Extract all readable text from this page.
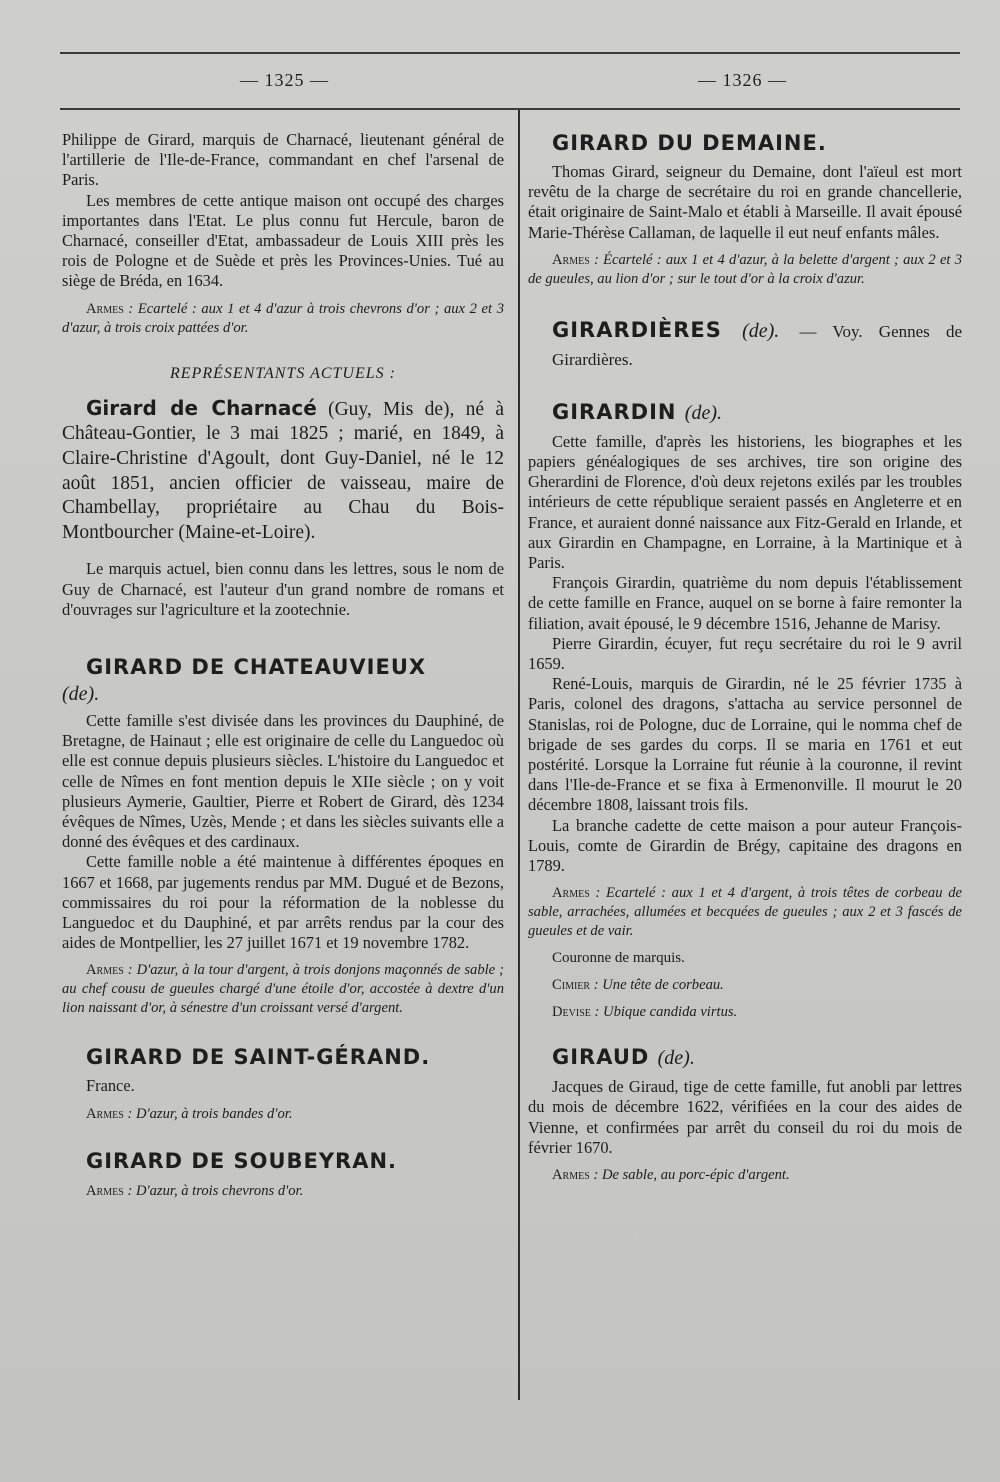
— 1325 —	— 1326 —

Philippe de Girard, marquis de Charnacé, lieutenant général de l'artillerie de l'Ile-de-France, commandant en chef l'arsenal de Paris.

Les membres de cette antique maison ont occupé des charges importantes dans l'Etat. Le plus connu fut Hercule, baron de Charnacé, conseiller d'Etat, ambassadeur de Louis XIII près les rois de Pologne et de Suède et près les Provinces-Unies. Tué au siège de Bréda, en 1634.

Armes : Ecartelé : aux 1 et 4 d'azur à trois chevrons d'or ; aux 2 et 3 d'azur, à trois croix pattées d'or.

REPRÉSENTANTS ACTUELS :

Girard de Charnacé (Guy, Mis de), né à Château-Gontier, le 3 mai 1825 ; marié, en 1849, à Claire-Christine d'Agoult, dont Guy-Daniel, né le 12 août 1851, ancien officier de vaisseau, maire de Chambellay, propriétaire au Chau du Bois-Montbourcher (Maine-et-Loire).

Le marquis actuel, bien connu dans les lettres, sous le nom de Guy de Charnacé, est l'auteur d'un grand nombre de romans et d'ouvrages sur l'agriculture et la zootechnie.

GIRARD DE CHATEAUVIEUX

(de).

Cette famille s'est divisée dans les provinces du Dauphiné, de Bretagne, de Hainaut ; elle est originaire de celle du Languedoc où elle est connue depuis plusieurs siècles. L'histoire du Languedoc et celle de Nîmes en font mention depuis le XIIe siècle ; on y voit plusieurs Aymerie, Gaultier, Pierre et Robert de Girard, dès 1234 évêques de Nîmes, Uzès, Mende ; et dans les siècles suivants elle a donné des évêques et des cardinaux.

Cette famille noble a été maintenue à différentes époques en 1667 et 1668, par jugements rendus par MM. Dugué et de Bezons, commissaires du roi pour la réformation de la noblesse du Languedoc et du Dauphiné, et par arrêts rendus par la cour des aides de Montpellier, les 27 juillet 1671 et 19 novembre 1782.

Armes : D'azur, à la tour d'argent, à trois donjons maçonnés de sable ; au chef cousu de gueules chargé d'une étoile d'or, accostée à dextre d'un lion naissant d'or, à sénestre d'un croissant versé d'argent.

GIRARD DE SAINT-GÉRAND.

France.

Armes : D'azur, à trois bandes d'or.

GIRARD DE SOUBEYRAN.

Armes : D'azur, à trois chevrons d'or.

GIRARD DU DEMAINE.

Thomas Girard, seigneur du Demaine, dont l'aïeul est mort revêtu de la charge de secrétaire du roi en grande chancellerie, était originaire de Saint-Malo et établi à Marseille. Il avait épousé Marie-Thérèse Callaman, de laquelle il eut neuf enfants mâles.

Armes : Écartelé : aux 1 et 4 d'azur, à la belette d'argent ; aux 2 et 3 de gueules, au lion d'or ; sur le tout d'or à la croix d'azur.

GIRARDIÈRES (de). — Voy. Gennes de Girardières.

GIRARDIN (de).

Cette famille, d'après les historiens, les biographes et les papiers généalogiques de ses archives, tire son origine des Gherardini de Florence, d'où deux rejetons exilés par les troubles intérieurs de cette république seraient passés en Angleterre et en France, et auraient donné naissance aux Fitz-Gerald en Irlande, et aux Girardin en Champagne, en Lorraine, à la Martinique et à Paris.

François Girardin, quatrième du nom depuis l'établissement de cette famille en France, auquel on se borne à faire remonter la filiation, avait épousé, le 9 décembre 1516, Jehanne de Marisy.

Pierre Girardin, écuyer, fut reçu secrétaire du roi le 9 avril 1659.

René-Louis, marquis de Girardin, né le 25 février 1735 à Paris, colonel des dragons, s'attacha au service personnel de Stanislas, roi de Pologne, duc de Lorraine, qui le nomma chef de brigade de ses gardes du corps. Il se maria en 1761 et eut postérité. Lorsque la Lorraine fut réunie à la couronne, il revint dans l'Ile-de-France et se fixa à Ermenonville. Il mourut le 20 décembre 1808, laissant trois fils.

La branche cadette de cette maison a pour auteur François-Louis, comte de Girardin de Brégy, capitaine des dragons en 1789.

Armes : Ecartelé : aux 1 et 4 d'argent, à trois têtes de corbeau de sable, arrachées, allumées et becquées de gueules ; aux 2 et 3 fascés de gueules et de vair.

Couronne de marquis.

Cimier : Une tête de corbeau.

Devise : Ubique candida virtus.

GIRAUD (de).

Jacques de Giraud, tige de cette famille, fut anobli par lettres du mois de décembre 1622, vérifiées en la cour des aides de Vienne, et confirmées par arrêt du conseil du roi du mois de février 1670.

Armes : De sable, au porc-épic d'argent.
